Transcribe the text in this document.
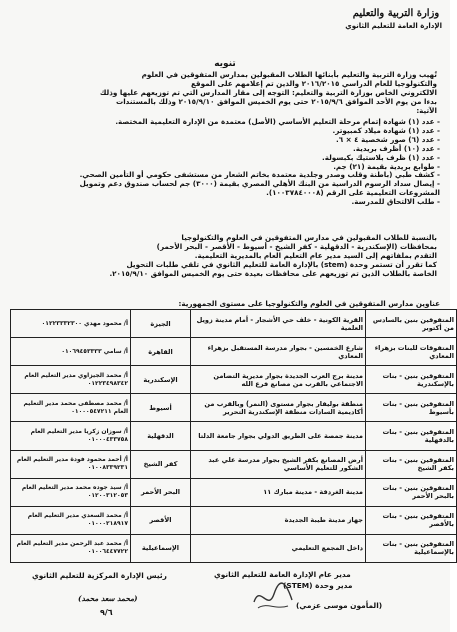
وزارة التربية والتعليم
الإدارة العامة للتعليم الثانوي
تنويه
تُهيب وزارة التربية والتعليم بأبنائها الطلاب المقبولين بمدارس المتفوقين في العلوم
والتكنولوجيا للعام الدراسي ٢٠١٦/٢٠١٥ والذين تم إعلامهم على الموقع
الالكتروني الخاص بوزارة التربية والتعليم: التوجه إلى مقار المدارس التي تم توزيعهم عليها وذلك
بدءا من يوم الأحد الموافق ٢٠١٥/٩/٦ حتى يوم الخميس الموافق ٢٠١٥/٩/١٠ وذلك بالمستندات
الآتية:
- عدد (١) شهادة إتمام مرحلة التعليم الأساسي (الأصل) معتمدة من الإدارة التعليمية المختصة.
- عدد (١) شهادة ميلاد كمبيوتر.
- عدد (٦) صور شخصية ٤ × ٦.
- عدد (١٠) أظرف بريدية.
- عدد (١) ظرف بلاستيك بكبسولة.
- طوابع بريدية بقيمة (٢١) جم.
- كشف طبي (باطنة وقلب وصدر وجلدية معتمدة بخاتم الشعار من مستشفى حكومي أو التأمين الصحي.
- إيصال سداد الرسوم الدراسية من البنك الأهلي المصري بقيمة (٣٠٠٠) جم لحساب صندوق دعم وتمويل
المشروعات التعليمية على الرقم (١٠٠٣٧٨٤٠٠٠٨).
- طلب الالتحاق للمدرسة.
بالنسبة للطلاب المقبولين في مدارس المتفوقين في العلوم والتكنولوجيا
بمحافظات (الإسكندرية - الدقهلية - كفر الشيخ - أسيوط - الأقصر - البحر الأحمر)
التقدم بملفاتهم إلى السيد مدير عام التعليم العام بالمديرية التعليمية.
كما تقرر أن تستمر وحدة (stem) بالإدارة العامة للتعليم الثانوي في تلقي طلبات التحويل
الخاصة بالطلاب الذين تم توزيعهم على محافظات بعيدة حتى يوم الخميس الموافق ٢٠١٥/٩/١٠.
عناوين مدارس المتفوقين في العلوم والتكنولوجيا على مستوى الجمهورية:
المتفوقين بنين بالسادس من أكتوبر	القرية الكونية - خلف حي الأشجار - أمام مدينة زويل العلمية	الجيزة	أ/ محمود مهدي ٠١٢٢٣٣٣٢٣٠٠
المتفوقات للبنات بزهراء المعادي	شارع الخمسين - بجوار مدرسة المستقبل بزهراء المعادي	القاهرة	أ/ سامي ٠١٠٦٩٤٥٣٣٣٣
المتفوقين بنين - بنات بالإسكندرية	مدينة برج العرب الجديدة بجوار مديرية التضامن الاجتماعي بالقرب من مصانع فرع الله	الإسكندرية	أ/ محمد الجيزاوي مدير التعليم العام ٠١٢٢٣٤٩٨٣٤٢
المتفوقين بنين - بنات بأسيوط	منطقة بوليفار بجوار مستوى (النمر) وبالقرب من أكاديمية السادات منطقة الإسكندرية التحرير	أسيوط	أ/ محمد مصطفى محمد مدير التعليم العام ٠١٠٠٠٥٤٧٢١١
المتفوقين بنين - بنات بالدقهلية	مدينة جمصة على الطريق الدولي بجوار جامعة الدلتا	الدقهلية	أ/ سوزان زكريا مدير التعليم العام ٠١٠٠٠٤٣٣٧٥٨
المتفوقين بنين - بنات بكفر الشيخ	أرض المصانع بكفر الشيخ بجوار مدرسة علي عبد الشكور للتعليم الأساسي	كفر الشيخ	أ/ أحمد محمود فودة مدير التعليم العام ٠١٠٠٨٣٣٩٢٣١
المتفوقين بنين - بنات بالبحر الأحمر	مدينة الغردقة - مدينة مبارك ١١	البحر الأحمر	أ/ سيد جوده محمد مدير التعليم العام ٠١٢٠٠٣١٢٠٥٣
المتفوقين بنين - بنات بالأقصر	جهاز مدينة طيبة الجديدة	الأقصر	أ/ محمد السعدي مدير التعليم العام ٠١٠٠٠٢١٨٩١٧
المتفوقين بنين - بنات بالإسماعيلية	داخل المجمع التعليمي	الإسماعيلية	أ/ محمد عبد الرحمن مدير التعليم العام ٠١٠٠٦٤٤٧٧٢٢
مدير عام الإدارة العامة للتعليم الثانوي
مدير وحدة (STEM)
(المأمون موسى عزمي)
رئيس الإدارة المركزية للتعليم الثانوي
(محمد سعد محمد)
٩/٦
